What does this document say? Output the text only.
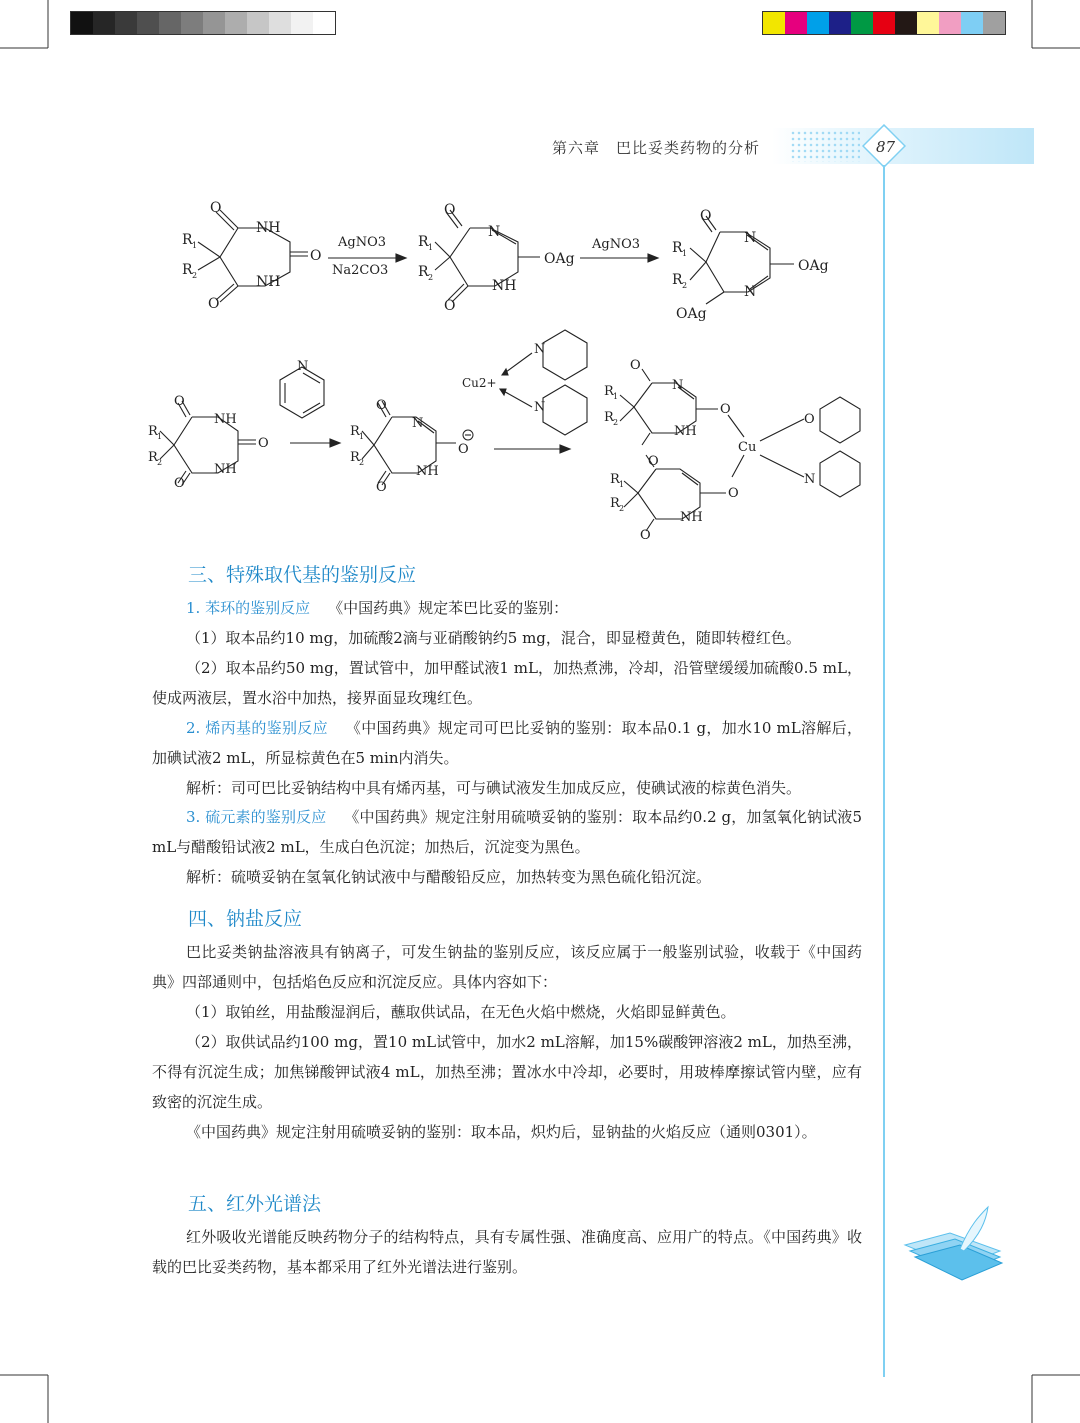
第六章　巴比妥类药物的分析	87
O
NH
O
NH
O
R 1
R 2
AgNO3
Na2CO3
O
N
OAg
NH
O
R 1
R 2
AgNO3
O
N
OAg
N
OAg
R 1
R 2
N
O
NH
O
NH
O
R 1
R 2
O
N
O
NH
O
R 1
R 2
Cu2+
N
N
O
N
O
NH
R 1
R 2
Cu
O
N
O
O
NH
O
R 1
R 2
三、特殊取代基的鉴别反应
1. 苯环的鉴别反应 《中国药典》规定苯巴比妥的鉴别：
（1）取本品约10 mg，加硫酸2滴与亚硝酸钠约5 mg，混合，即显橙黄色，随即转橙红色。
（2）取本品约50 mg，置试管中，加甲醛试液1 mL，加热煮沸，冷却，沿管壁缓缓加硫酸0.5 mL，使成两液层，置水浴中加热，接界面显玫瑰红色。
2. 烯丙基的鉴别反应 《中国药典》规定司可巴比妥钠的鉴别：取本品0.1 g，加水10 mL溶解后，加碘试液2 mL，所显棕黄色在5 min内消失。
解析：司可巴比妥钠结构中具有烯丙基，可与碘试液发生加成反应，使碘试液的棕黄色消失。
3. 硫元素的鉴别反应 《中国药典》规定注射用硫喷妥钠的鉴别：取本品约0.2 g，加氢氧化钠试液5 mL与醋酸铅试液2 mL，生成白色沉淀；加热后，沉淀变为黑色。
解析：硫喷妥钠在氢氧化钠试液中与醋酸铅反应，加热转变为黑色硫化铅沉淀。
四、钠盐反应
巴比妥类钠盐溶液具有钠离子，可发生钠盐的鉴别反应，该反应属于一般鉴别试验，收载于《中国药典》四部通则中，包括焰色反应和沉淀反应。具体内容如下：
（1）取铂丝，用盐酸湿润后，蘸取供试品，在无色火焰中燃烧，火焰即显鲜黄色。
（2）取供试品约100 mg，置10 mL试管中，加水2 mL溶解，加15%碳酸钾溶液2 mL，加热至沸，不得有沉淀生成；加焦锑酸钾试液4 mL，加热至沸；置冰水中冷却，必要时，用玻棒摩擦试管内壁，应有致密的沉淀生成。
《中国药典》规定注射用硫喷妥钠的鉴别：取本品，炽灼后，显钠盐的火焰反应（通则0301）。
五、红外光谱法
红外吸收光谱能反映药物分子的结构特点，具有专属性强、准确度高、应用广的特点。《中国药典》收载的巴比妥类药物，基本都采用了红外光谱法进行鉴别。
